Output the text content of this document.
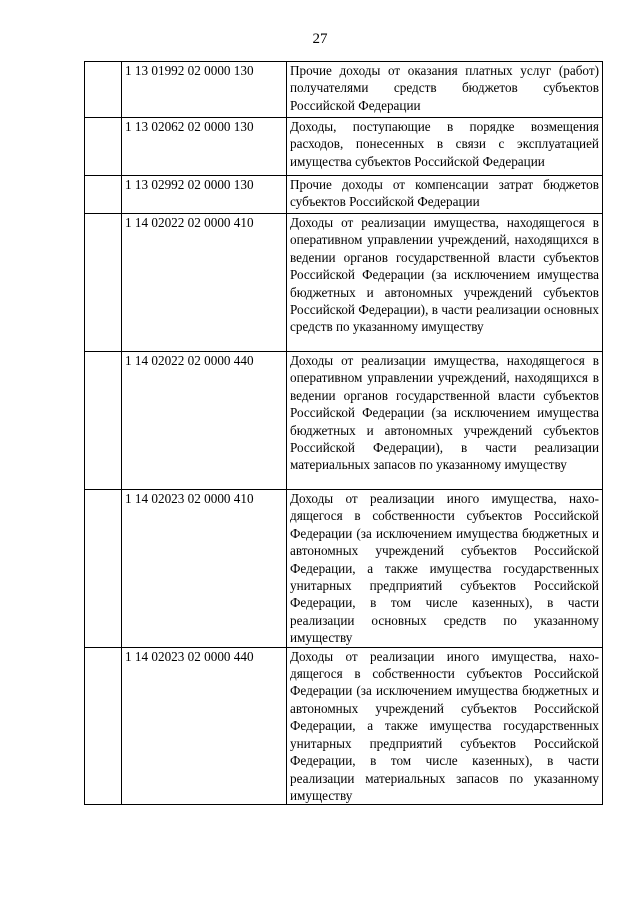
27
	1 13 01992 02 0000 130	Прочие доходы от оказания платных услуг (работ) получателями средств бюджетов субъектов Российской Федерации
	1 13 02062 02 0000 130	Доходы, поступающие в порядке возмещения расходов, понесенных в связи с эксплуатацией имущества субъектов Российской Федерации
	1 13 02992 02 0000 130	Прочие доходы от компенсации затрат бюджетов субъектов Российской Федерации
	1 14 02022 02 0000 410	Доходы от реализации имущества, находящегося в оперативном управлении учреждений, находящихся в ведении органов государственной власти субъектов Российской Федерации (за исключением имущества бюджетных и автономных учреждений субъектов Российской Федерации), в части реализации основных средств по указанному имуществу
	1 14 02022 02 0000 440	Доходы от реализации имущества, находящегося в оперативном управлении учреждений, находящихся в ведении органов государственной власти субъектов Российской Федерации (за исключением имущества бюджетных и автономных учреждений субъектов Российской Федерации), в части реализации материальных запасов по указанному имуществу
	1 14 02023 02 0000 410	Доходы от реализации иного имущества, находящегося в собственности субъектов Российской Федерации (за исключением имущества бюджетных и автономных учреждений субъектов Российской Федерации, а также имущества государственных унитарных предприятий субъектов Российской Федерации, в том числе казенных), в части реализации основных средств по указанному имуществу
	1 14 02023 02 0000 440	Доходы от реализации иного имущества, находящегося в собственности субъектов Российской Федерации (за исключением имущества бюджетных и автономных учреждений субъектов Российской Федерации, а также имущества государственных унитарных предприятий субъектов Российской Федерации, в том числе казенных), в части реализации материальных запасов по указанному имуществу
